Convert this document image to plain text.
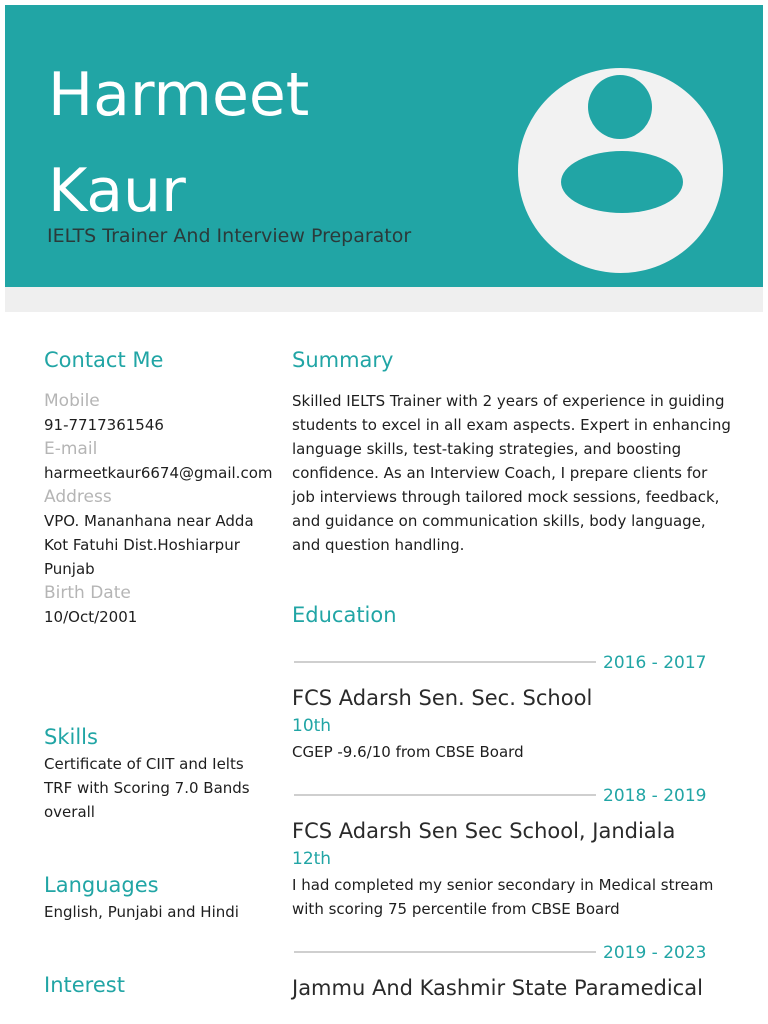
Harmeet
Kaur
IELTS Trainer And Interview Preparator
Contact Me
Mobile
91-7717361546
E-mail
harmeetkaur6674@gmail.com
Address
VPO. Mananhana near Adda Kot Fatuhi Dist.Hoshiarpur Punjab
Birth Date
10/Oct/2001
Skills
Certificate of CIIT and Ielts TRF with Scoring 7.0 Bands overall
Languages
English, Punjabi and Hindi
Interest
Summary
Skilled IELTS Trainer with 2 years of experience in guiding students to excel in all exam aspects. Expert in enhancing language skills, test-taking strategies, and boosting confidence. As an Interview Coach, I prepare clients for job interviews through tailored mock sessions, feedback, and guidance on communication skills, body language, and question handling.
Education
2016 - 2017
FCS Adarsh Sen. Sec. School
10th
CGEP -9.6/10 from CBSE Board
2018 - 2019
FCS Adarsh Sen Sec School, Jandiala
12th
I had completed my senior secondary in Medical stream with scoring 75 percentile from CBSE Board
2019 - 2023
Jammu And Kashmir State Paramedical
